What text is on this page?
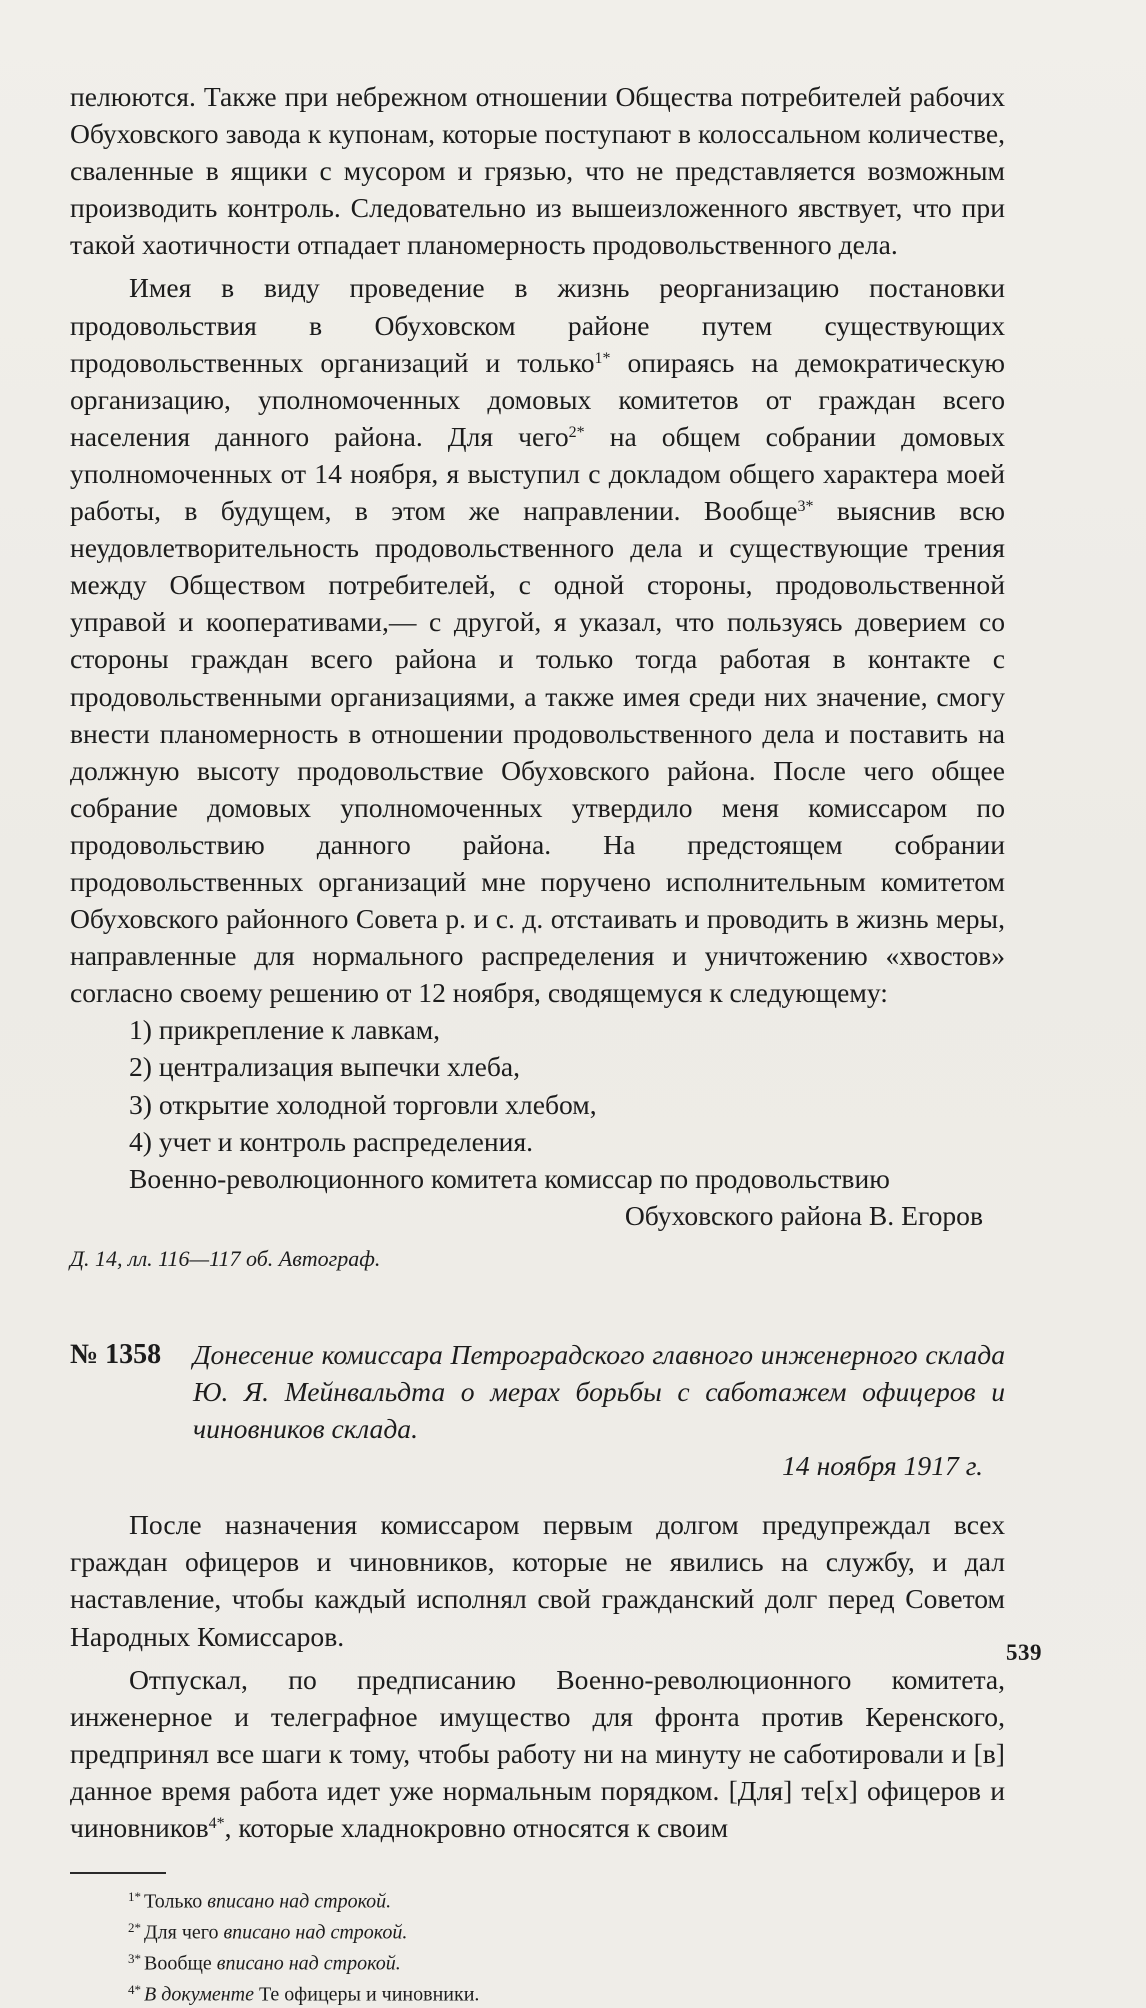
пелюются. Также при небрежном отношении Общества потребителей рабочих Обуховского завода к купонам, которые поступают в колоссальном количестве, сваленные в ящики с мусором и грязью, что не представляется возможным производить контроль. Следовательно из вышеизложенного явствует, что при такой хаотичности отпадает планомерность продовольственного дела.

Имея в виду проведение в жизнь реорганизацию постановки продовольствия в Обуховском районе путем существующих продовольственных организаций и только$^{1*}$ опираясь на демократическую организацию, уполномоченных домовых комитетов от граждан всего населения данного района. Для чего$^{2*}$ на общем собрании домовых уполномоченных от 14 ноября, я выступил с докладом общего характера моей работы, в будущем, в этом же направлении. Вообще$^{3*}$ выяснив всю неудовлетворительность продовольственного дела и существующие трения между Обществом потребителей, с одной стороны, продовольственной управой и кооперативами,— с другой, я указал, что пользуясь доверием со стороны граждан всего района и только тогда работая в контакте с продовольственными организациями, а также имея среди них значение, смогу внести планомерность в отношении продовольственного дела и поставить на должную высоту продовольствие Обуховского района. После чего общее собрание домовых уполномоченных утвердило меня комиссаром по продовольствию данного района. На предстоящем собрании продовольственных организаций мне поручено исполнительным комитетом Обуховского районного Совета р. и с. д. отстаивать и проводить в жизнь меры, направленные для нормального распределения и уничтожению «хвостов» согласно своему решению от 12 ноября, сводящемуся к следующему:

1) прикрепление к лавкам,
2) централизация выпечки хлеба,
3) открытие холодной торговли хлебом,
4) учет и контроль распределения.
Военно-революционного комитета комиссар по продовольствию
Обуховского района В. Егоров
Д. 14, лл. 116—117 об. Автограф.
№ 1358	Донесение комиссара Петроградского главного инженерного склада Ю. Я. Мейнвальдта о мерах борьбы с саботажем офицеров и чиновников склада.
14 ноября 1917 г.

После назначения комиссаром первым долгом предупреждал всех граждан офицеров и чиновников, которые не явились на службу, и дал наставление, чтобы каждый исполнял свой гражданский долг перед Советом Народных Комиссаров.

Отпускал, по предписанию Военно-революционного комитета, инженерное и телеграфное имущество для фронта против Керенского, предпринял все шаги к тому, чтобы работу ни на минуту не саботировали и [в] данное время работа идет уже нормальным порядком. [Для] те[х] офицеров и чиновников$^{4*}$, которые хладнокровно относятся к своим

$^{1*}$ Только вписано над строкой.
$^{2*}$ Для чего вписано над строкой.
$^{3*}$ Вообще вписано над строкой.
$^{4*}$ В документе Те офицеры и чиновники.
539
